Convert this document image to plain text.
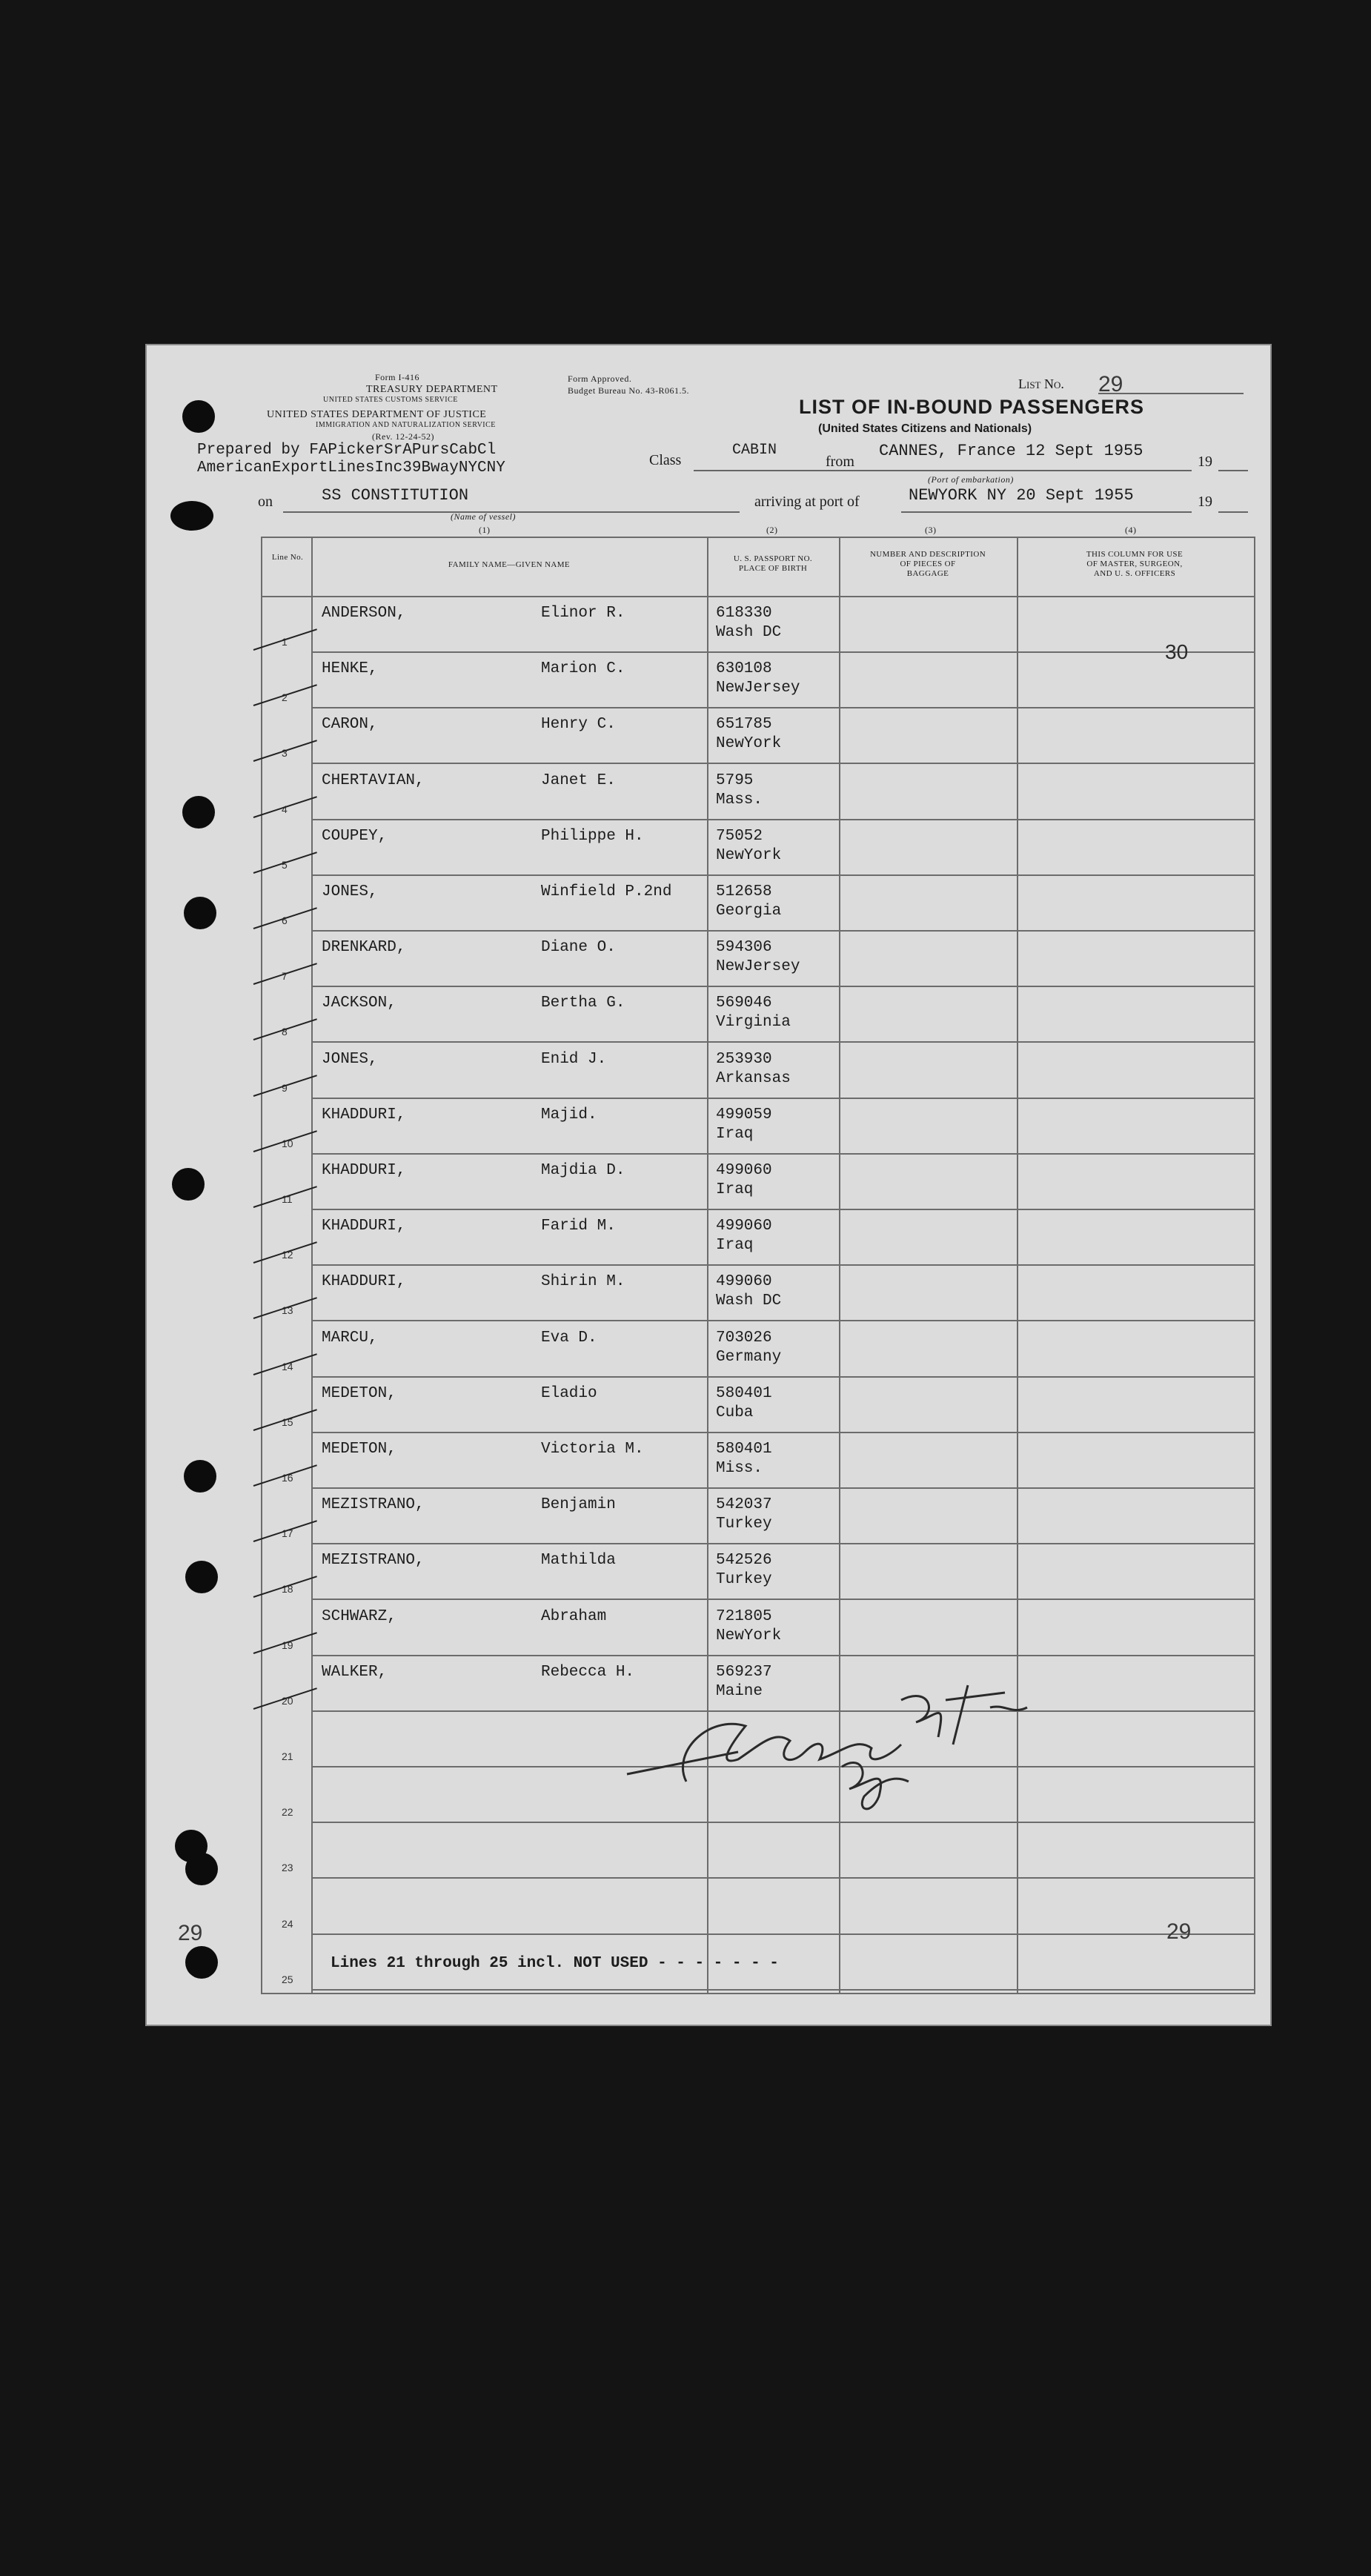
Form I-416
TREASURY DEPARTMENT
UNITED STATES CUSTOMS SERVICE
UNITED STATES DEPARTMENT OF JUSTICE
IMMIGRATION AND NATURALIZATION SERVICE
(Rev. 12-24-52)
Form Approved.
Budget Bureau No. 43-R061.5.
LIST OF IN-BOUND PASSENGERS
(United States Citizens and Nationals)
List No. 29
Prepared by FAPickerSrAPursCabCl
AmericanExportLinesInc39BwayNYCNY	Class
CABIN
from
CANNES, France 12 Sept 1955
19
(Port of embarkation)
on	SS CONSTITUTION
(Name of vessel)
arriving at port of	NEWYORK NY 20 Sept 1955	19
(1)	(2)	(3)	(4)
Line No.
FAMILY NAME—GIVEN NAME
U. S. PASSPORT NO.
PLACE OF BIRTH
NUMBER AND DESCRIPTION
OF PIECES OF
BAGGAGE
THIS COLUMN FOR USE
OF MASTER, SURGEON,
AND U. S. OFFICERS
1
ANDERSON,	Elinor R.	618330
Wash DC
2
HENKE,	Marion C.	630108
NewJersey
3
CARON,	Henry C.	651785
NewYork
4
CHERTAVIAN,	Janet E.	5795
Mass.
5
COUPEY,	Philippe H.	75052
NewYork
6
JONES,	Winfield P.2nd	512658
Georgia
7
DRENKARD,	Diane O.	594306
NewJersey
8
JACKSON,	Bertha G.	569046
Virginia
9
JONES,	Enid J.	253930
Arkansas
10
KHADDURI,	Majid.	499059
Iraq
11
KHADDURI,	Majdia D.	499060
Iraq
12
KHADDURI,	Farid M.	499060
Iraq
13
KHADDURI,	Shirin M.	499060
Wash DC
14
MARCU,	Eva D.	703026
Germany
15
MEDETON,	Eladio	580401
Cuba
16
MEDETON,	Victoria M.	580401
Miss.
17
MEZISTRANO,	Benjamin	542037
Turkey
18
MEZISTRANO,	Mathilda	542526
Turkey
19
SCHWARZ,	Abraham	721805
NewYork
20
WALKER,	Rebecca H.	569237
Maine
21
22
23
24
25
Lines 21 through 25 incl. NOT USED - - - - - - -
30
29	29
